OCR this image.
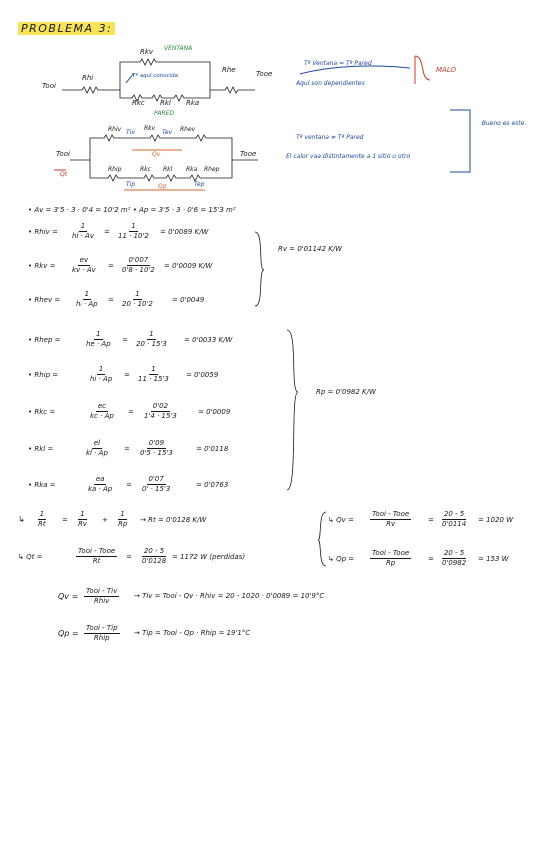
PROBLEMA 3:
Tooi
Rhi
Rkv VENTANA
Tª aquí conocida
Rhe	Tooe
Rkc Rkl Rka
PARED
Tª Ventana = Tª Pared
Aquí son dependientes
MALO
Tooi
Qt
Rhiv Tiv
Rkv
Tev Rhev
Qv	Tooe
Rhip	Rkc Rkl Rka Rhep
Tip	Qp	Tep
Tª ventana ≠ Tª Pared
El calor vaa distintamente a 1 sitio u otro
Bueno es este.
• Av = 3'5 · 3 · 0'4 = 10'2 m² • Ap = 3'5 · 3 · 0'6 = 15'3 m²
• Rhiv = $\frac{1}{hi \cdot Av} = \frac{1}{11 \cdot 10'2} = 0'0089$ K/W
• Rkv = $\frac{ev}{kv \cdot Av} = \frac{0'007}{0'8 \cdot 10'2} = 0'0009$ K/W
• Rhev = $\frac{1}{\text{hᵢ · Ap}} = \frac{1}{20 \cdot 10'2} = 0'0049$
Rv = 0'01142 K/W
• Rhep =	$\frac{1}{he \cdot Ap} = \frac{1}{20 \cdot 15'3} = 0'0033$ K/W
• Rhip =	$\frac{1}{hi \cdot Ap} = \frac{1}{11 \cdot 15'3} = 0'0059$
• Rkc =	$\frac{ec}{kc \cdot Ap} = \frac{0'02}{1'4 \cdot 15'3}$	= 0'0009
• Rkl =	$\frac{el}{kl \cdot Ap} = \frac{0'09}{0'5 \cdot 15'3}$	= 0'0118
• Rka =	$\frac{ea}{ka \cdot Ap} = \frac{0'07}{0' \cdot 15'3}$	= 0'0763
Rp = 0'0982 K/W
↳ $\frac{1}{Rt} = \frac{1}{Rv} + \frac{1}{Rp} \to Rt = 0'0128$ K/W
↳ Qt =
Tooi - Tooe
Rt	= $\frac{20 - 5}{0'0128} = 1172$ W (perdidas)
↳ Qv =
Tooi - Tooe
Rv	= $\frac{20 - 5}{0'0114} = 1020$ W
↳ Qp =
Tooi - Tooe
Rp	= $\frac{20 - 5}{0'0982} = 153$ W
Qv =
Tooi - Tiv
Rhiv
→ Tiv = Tooi - Qv · Rhiv = 20 - 1020 · 0'0089 = 10'9°C
Qp =
Tooi - Tip
Rhip
→ Tip = Tooi - Qp · Rhip = 19'1°C
